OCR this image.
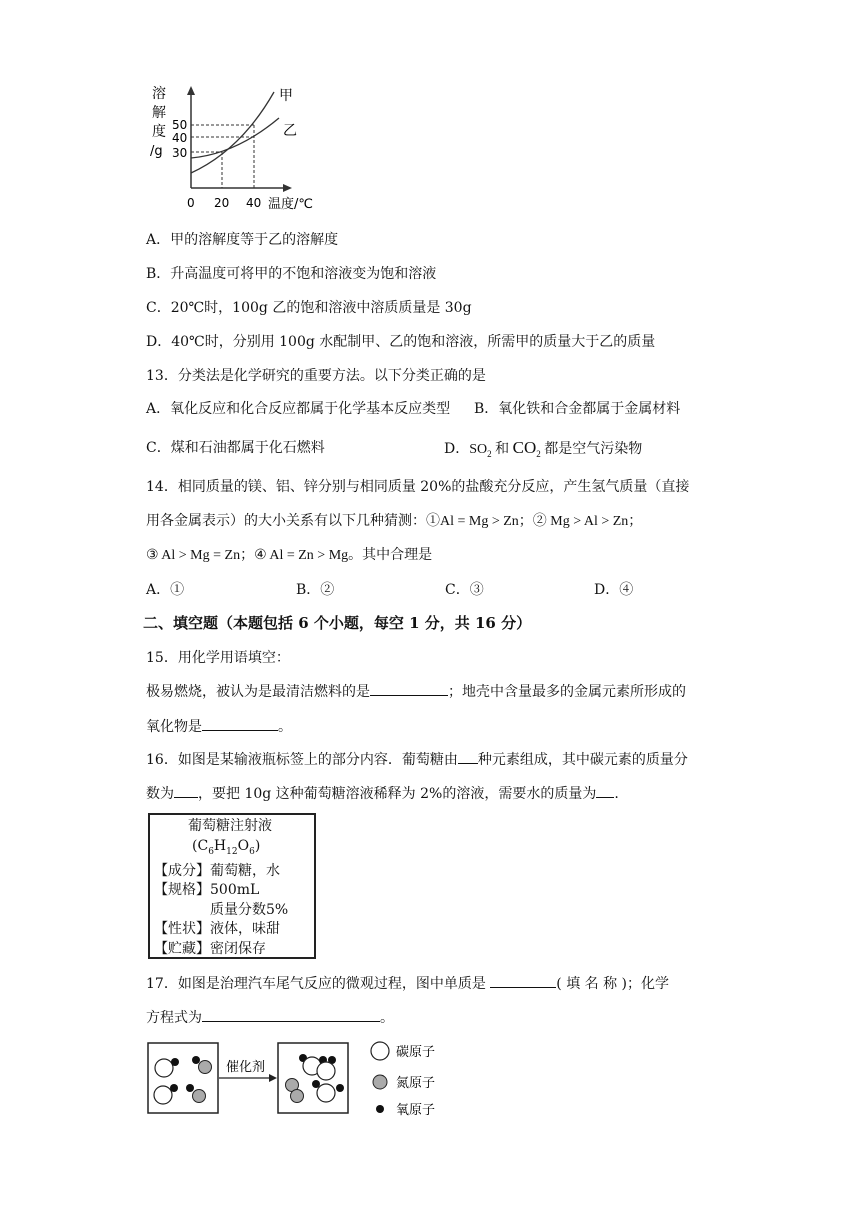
溶
解
度
/g
50
40
30
甲
乙
0 20 40 温度/℃
A．甲的溶解度等于乙的溶解度
B．升高温度可将甲的不饱和溶液变为饱和溶液
C．20℃时，100g 乙的饱和溶液中溶质质量是 30g
D．40℃时，分别用 100g 水配制甲、乙的饱和溶液，所需甲的质量大于乙的质量
13．分类法是化学研究的重要方法。以下分类正确的是
A．氧化反应和化合反应都属于化学基本反应类型 B．氧化铁和合金都属于金属材料
C．煤和石油都属于化石燃料	D．$SO_2$ 和 $CO_2$ 都是空气污染物
14．相同质量的镁、铝、锌分别与相同质量 20%的盐酸充分反应，产生氢气质量（直接
用各金属表示）的大小关系有以下几种猜测：①Al = Mg > Zn；② Mg > Al > Zn；
③ Al > Mg = Zn；④ Al = Zn > Mg。其中合理是
A．①	B．②	C．③	D．④
二、填空题（本题包括 6 个小题，每空 1 分，共 16 分）
15．用化学用语填空：
极易燃烧，被认为是最清洁燃料的是	；地壳中含量最多的金属元素所形成的
氧化物是	。
16．如图是某输液瓶标签上的部分内容．葡萄糖由 种元素组成，其中碳元素的质量分
数为 ，要把 10g 这种葡萄糖溶液稀释为 2%的溶液，需要水的质量为 .
葡萄糖注射液
$(C_6H_{12}O_6)$
【成分】葡萄糖，水
【规格】500mL
质量分数5%
【性状】液体，味甜
【贮藏】密闭保存
17．如图是治理汽车尾气反应的微观过程，图中单质是	( 填 名 称 )；化学
方程式为	。
催化剂
碳原子
氮原子
氧原子
